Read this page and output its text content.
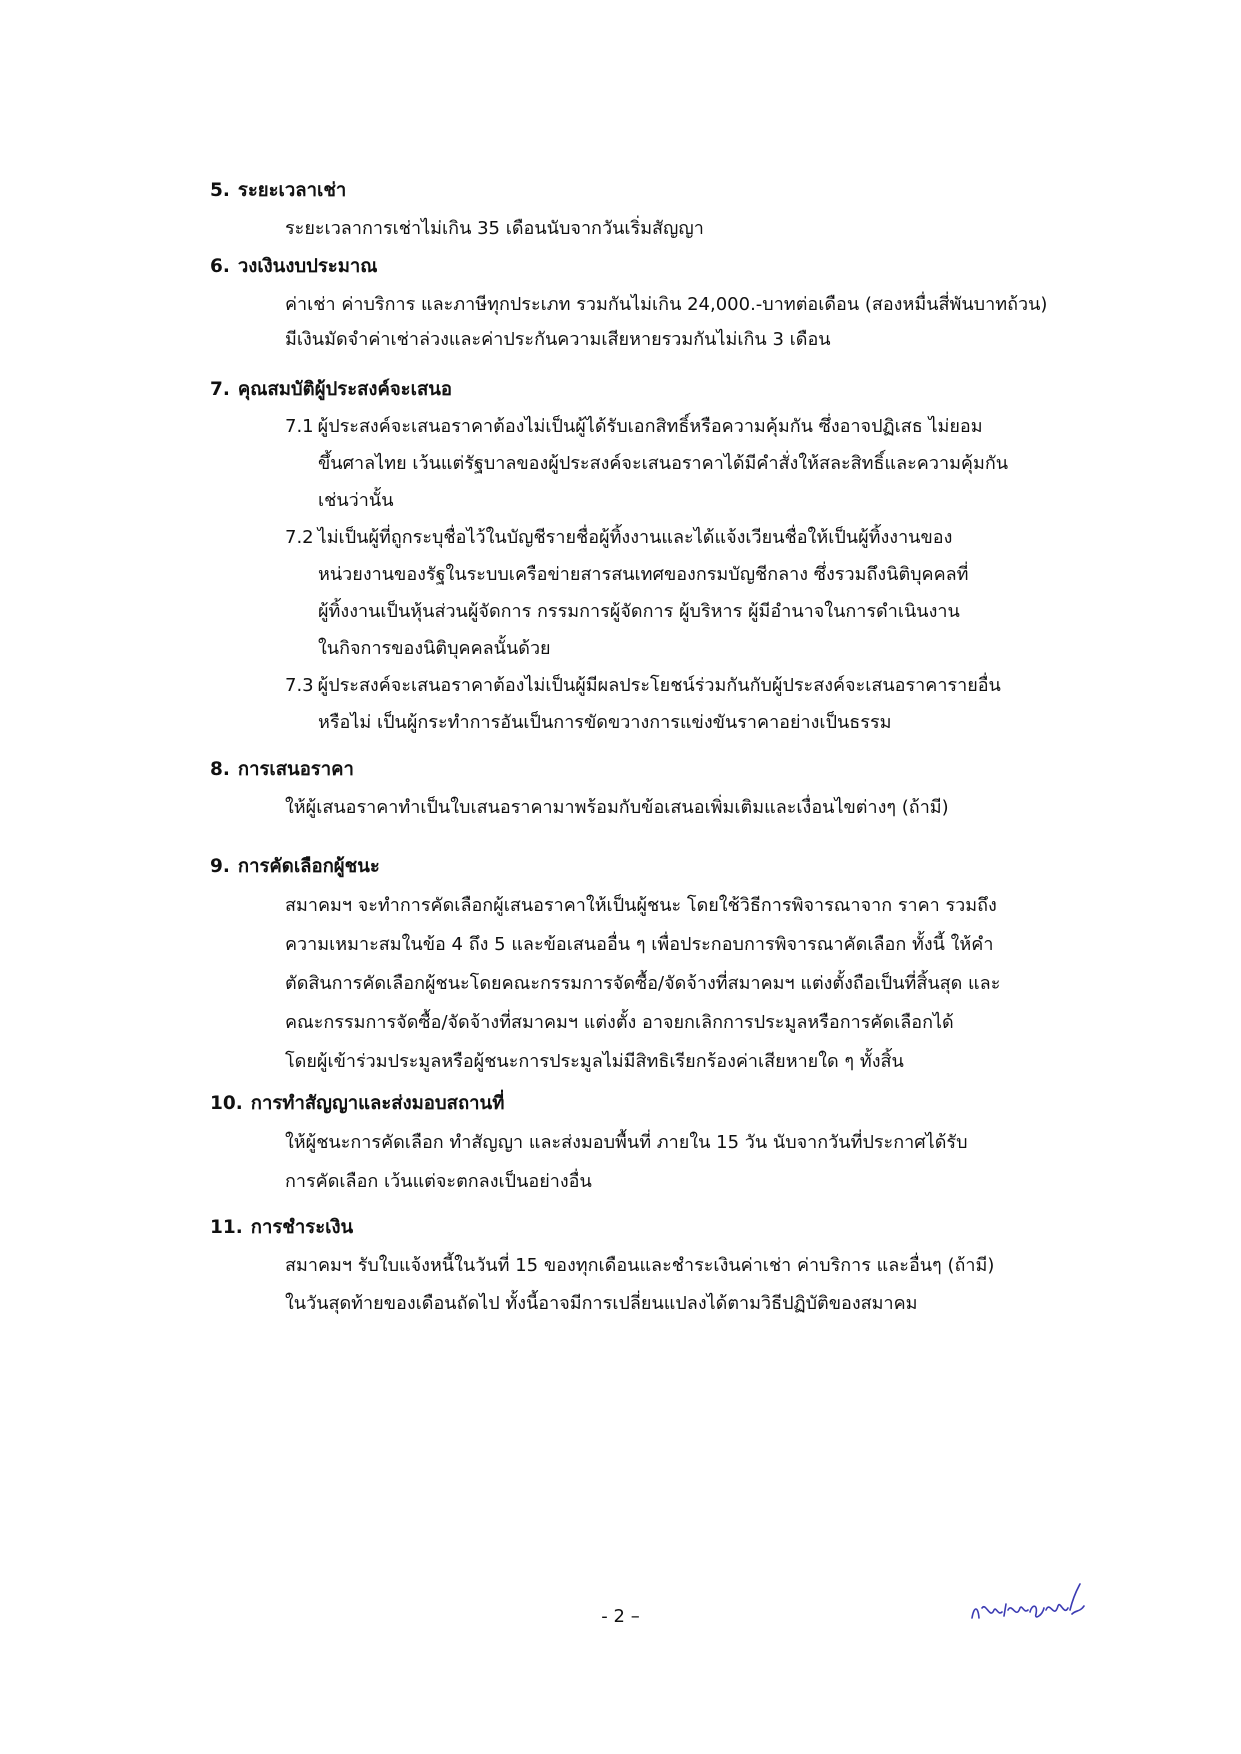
5. ระยะเวลาเช่า
ระยะเวลาการเช่าไม่เกิน 35 เดือนนับจากวันเริ่มสัญญา
6. วงเงินงบประมาณ
ค่าเช่า ค่าบริการ และภาษีทุกประเภท รวมกันไม่เกิน 24,000.-บาทต่อเดือน (สองหมื่นสี่พันบาทถ้วน)
มีเงินมัดจำค่าเช่าล่วงและค่าประกันความเสียหายรวมกันไม่เกิน 3 เดือน
7. คุณสมบัติผู้ประสงค์จะเสนอ
7.1 ผู้ประสงค์จะเสนอราคาต้องไม่เป็นผู้ได้รับเอกสิทธิ์หรือความคุ้มกัน ซึ่งอาจปฏิเสธ ไม่ยอม
ขึ้นศาลไทย เว้นแต่รัฐบาลของผู้ประสงค์จะเสนอราคาได้มีคำสั่งให้สละสิทธิ์และความคุ้มกัน
เช่นว่านั้น
7.2 ไม่เป็นผู้ที่ถูกระบุชื่อไว้ในบัญชีรายชื่อผู้ทิ้งงานและได้แจ้งเวียนชื่อให้เป็นผู้ทิ้งงานของ
หน่วยงานของรัฐในระบบเครือข่ายสารสนเทศของกรมบัญชีกลาง ซึ่งรวมถึงนิติบุคคลที่
ผู้ทิ้งงานเป็นหุ้นส่วนผู้จัดการ กรรมการผู้จัดการ ผู้บริหาร ผู้มีอำนาจในการดำเนินงาน
ในกิจการของนิติบุคคลนั้นด้วย
7.3 ผู้ประสงค์จะเสนอราคาต้องไม่เป็นผู้มีผลประโยชน์ร่วมกันกับผู้ประสงค์จะเสนอราคารายอื่น
หรือไม่ เป็นผู้กระทำการอันเป็นการขัดขวางการแข่งขันราคาอย่างเป็นธรรม
8. การเสนอราคา
ให้ผู้เสนอราคาทำเป็นใบเสนอราคามาพร้อมกับข้อเสนอเพิ่มเติมและเงื่อนไขต่างๆ (ถ้ามี)
9. การคัดเลือกผู้ชนะ
สมาคมฯ จะทำการคัดเลือกผู้เสนอราคาให้เป็นผู้ชนะ โดยใช้วิธีการพิจารณาจาก ราคา รวมถึง
ความเหมาะสมในข้อ 4 ถึง 5 และข้อเสนออื่น ๆ เพื่อประกอบการพิจารณาคัดเลือก ทั้งนี้ ให้คำ
ตัดสินการคัดเลือกผู้ชนะโดยคณะกรรมการจัดซื้อ/จัดจ้างที่สมาคมฯ แต่งตั้งถือเป็นที่สิ้นสุด และ
คณะกรรมการจัดซื้อ/จัดจ้างที่สมาคมฯ แต่งตั้ง อาจยกเลิกการประมูลหรือการคัดเลือกได้
โดยผู้เข้าร่วมประมูลหรือผู้ชนะการประมูลไม่มีสิทธิเรียกร้องค่าเสียหายใด ๆ ทั้งสิ้น
10. การทำสัญญาและส่งมอบสถานที่
ให้ผู้ชนะการคัดเลือก ทำสัญญา และส่งมอบพื้นที่ ภายใน 15 วัน นับจากวันที่ประกาศได้รับ
การคัดเลือก เว้นแต่จะตกลงเป็นอย่างอื่น
11. การชำระเงิน
สมาคมฯ รับใบแจ้งหนี้ในวันที่ 15 ของทุกเดือนและชำระเงินค่าเช่า ค่าบริการ และอื่นๆ (ถ้ามี)
ในวันสุดท้ายของเดือนถัดไป ทั้งนี้อาจมีการเปลี่ยนแปลงได้ตามวิธีปฏิบัติของสมาคม
- 2 –
